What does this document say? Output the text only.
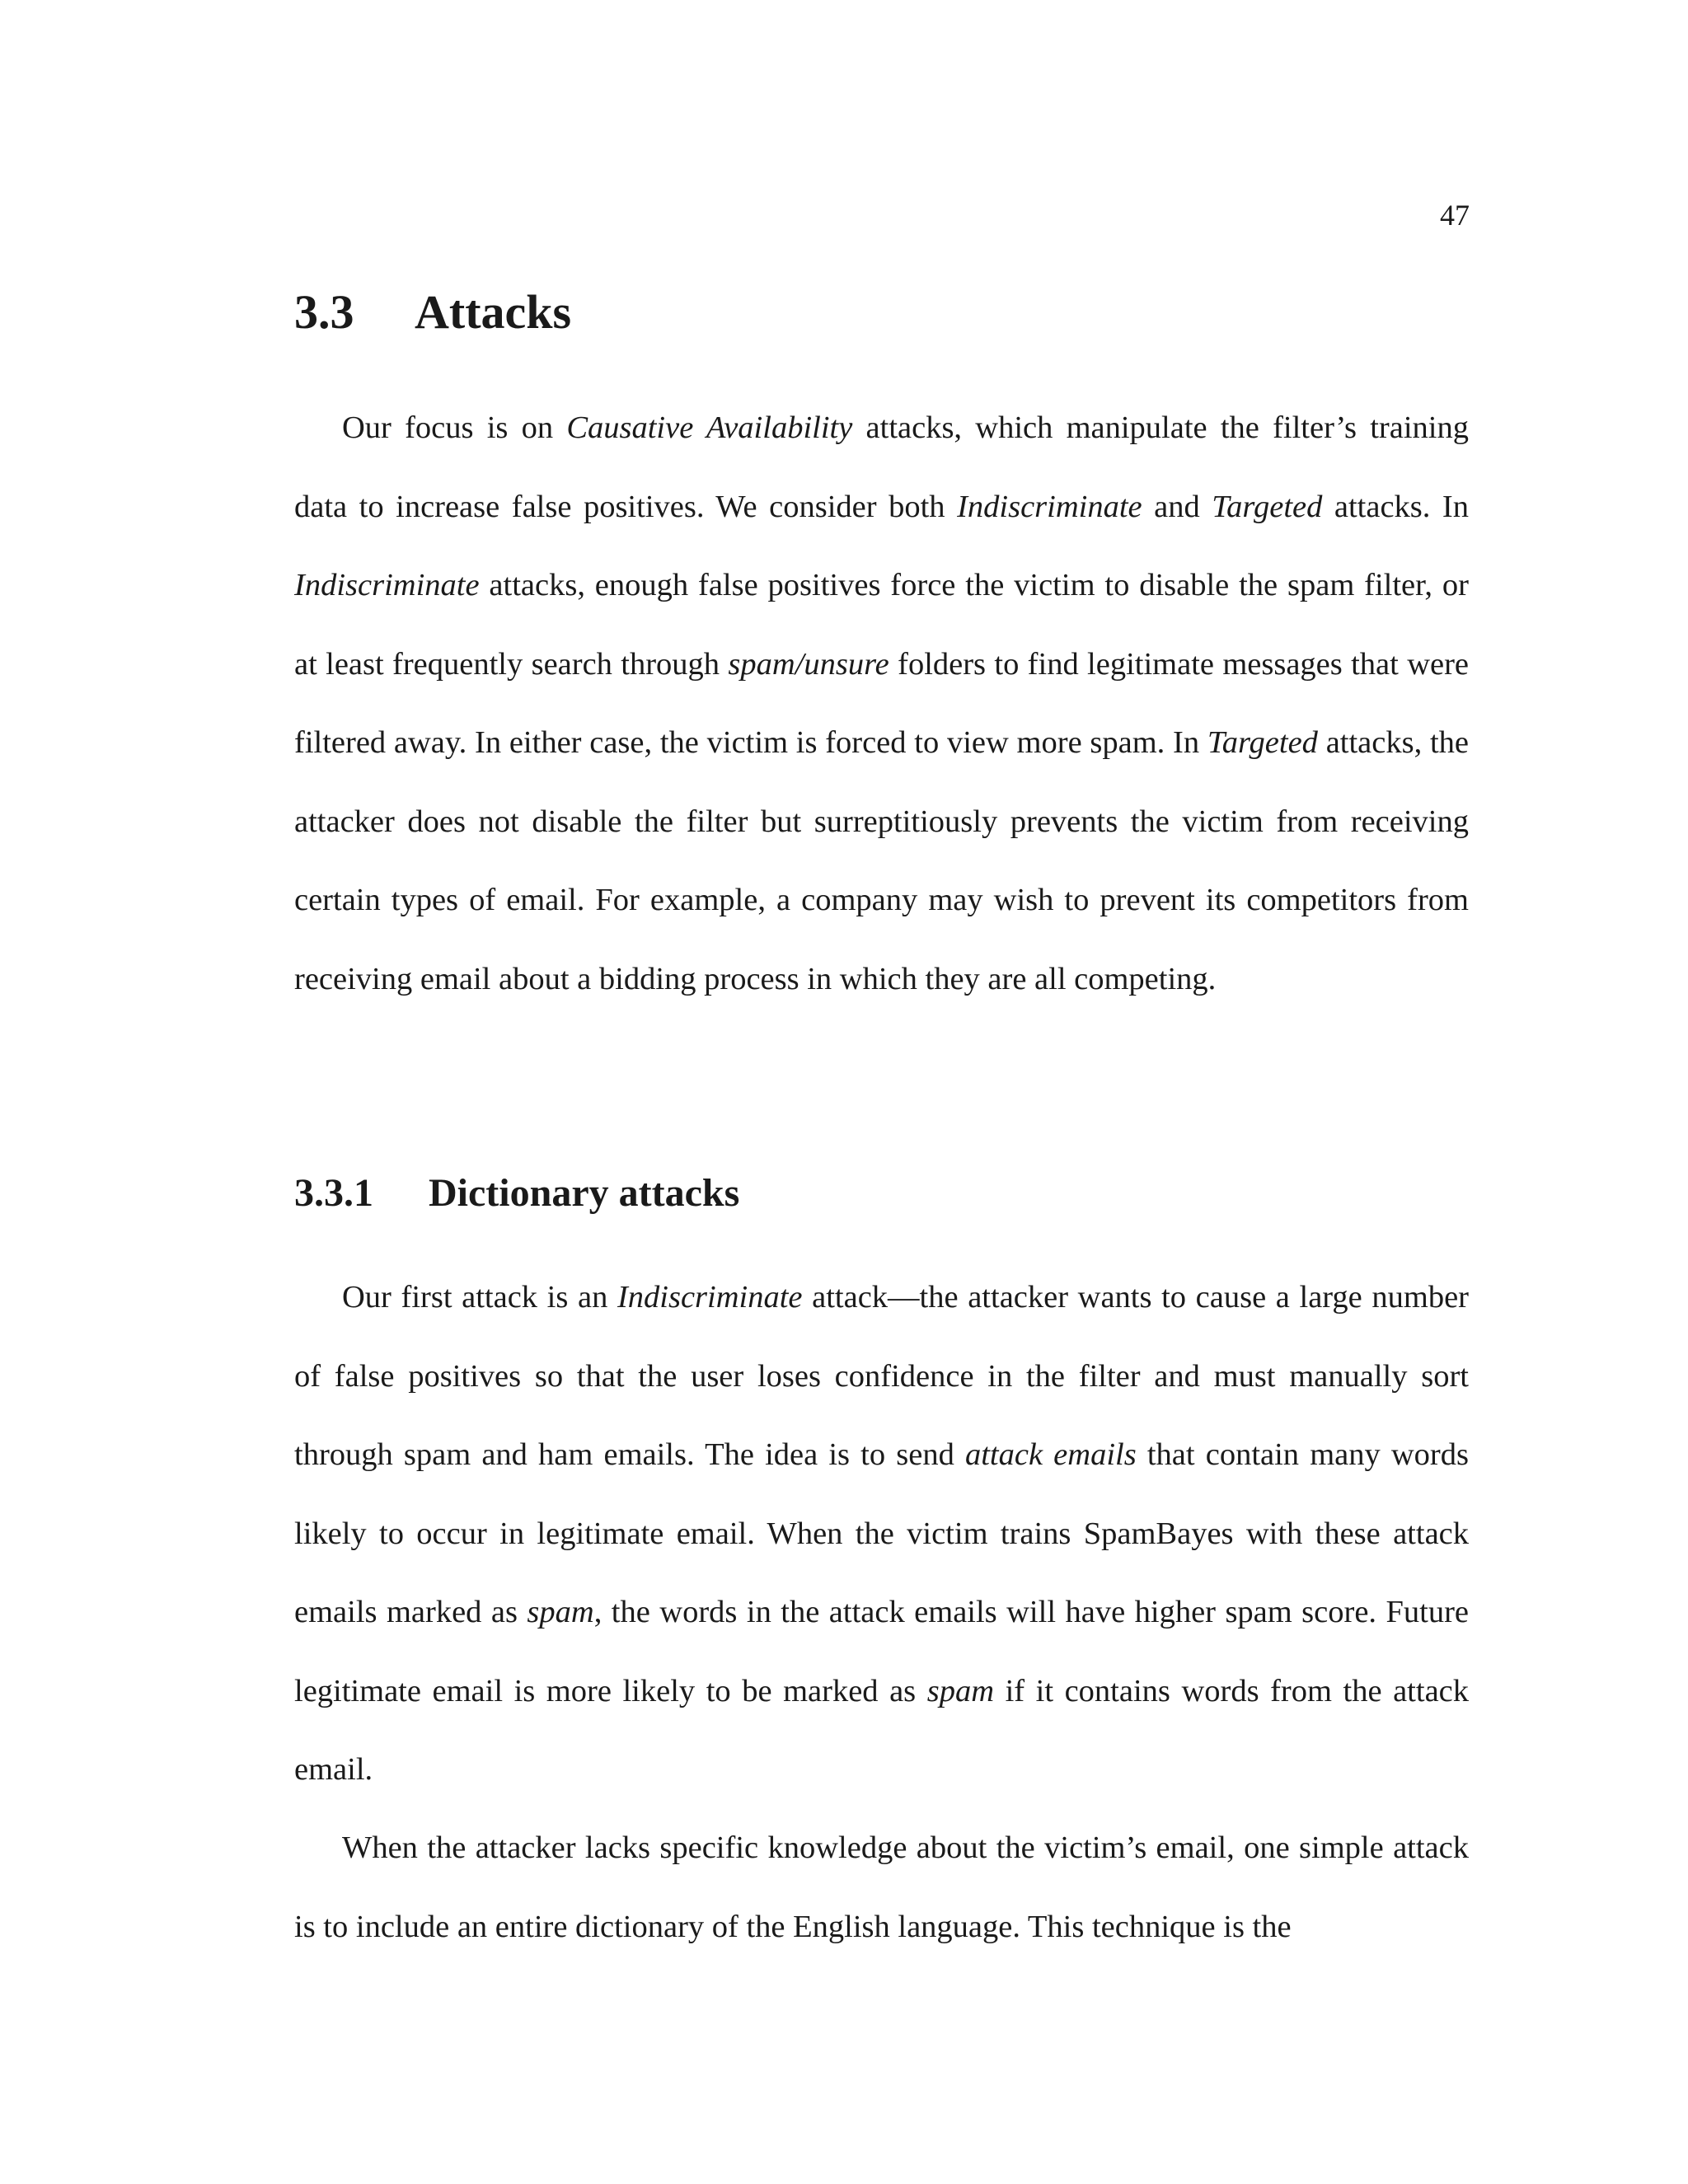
47
3.3 Attacks

Our focus is on Causative Availability attacks, which manipulate the filter’s training data to increase false positives. We consider both Indiscriminate and Targeted attacks. In Indiscriminate attacks, enough false positives force the victim to disable the spam filter, or at least frequently search through spam/unsure folders to find legitimate messages that were filtered away. In either case, the victim is forced to view more spam. In Targeted attacks, the attacker does not disable the filter but surreptitiously prevents the victim from receiving certain types of email. For example, a company may wish to prevent its competitors from receiving email about a bidding process in which they are all competing.

3.3.1 Dictionary attacks

Our first attack is an Indiscriminate attack—the attacker wants to cause a large number of false positives so that the user loses confidence in the filter and must manually sort through spam and ham emails. The idea is to send attack emails that contain many words likely to occur in legitimate email. When the victim trains SpamBayes with these attack emails marked as spam, the words in the attack emails will have higher spam score. Future legitimate email is more likely to be marked as spam if it contains words from the attack email.

When the attacker lacks specific knowledge about the victim’s email, one simple attack is to include an entire dictionary of the English language. This technique is the
